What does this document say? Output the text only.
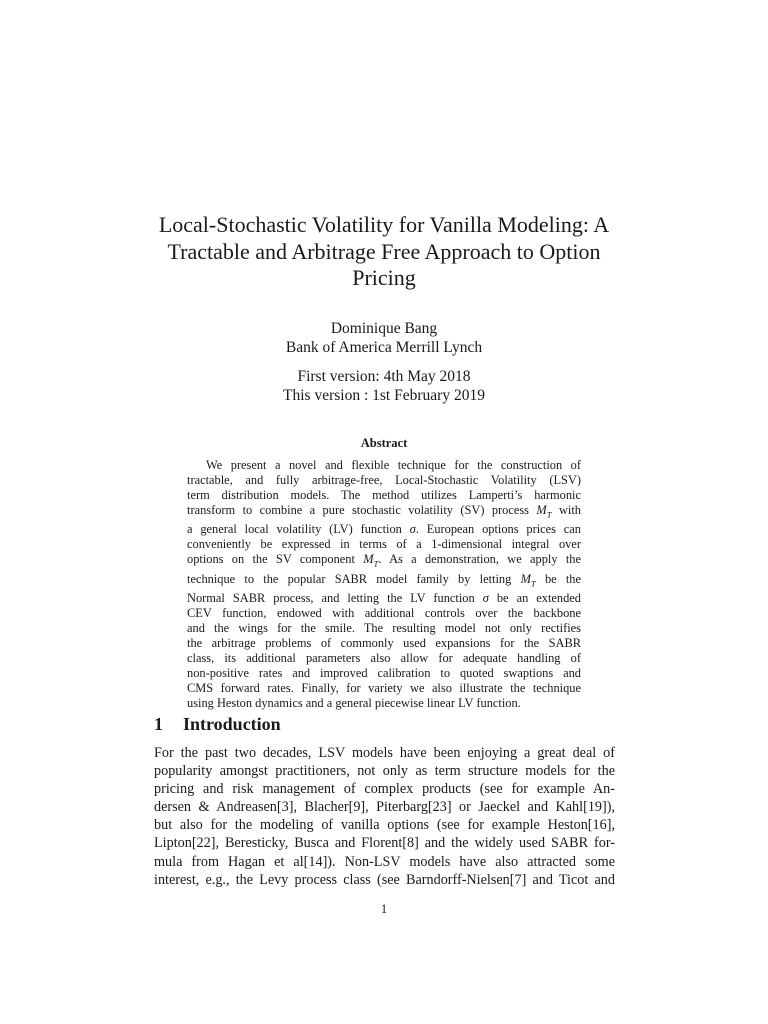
Local-Stochastic Volatility for Vanilla Modeling: A
Tractable and Arbitrage Free Approach to Option
Pricing
Dominique Bang
Bank of America Merrill Lynch
First version: 4th May 2018
This version : 1st February 2019
Abstract
We present a novel and flexible technique for the construction of
tractable, and fully arbitrage-free, Local-Stochastic Volatility (LSV)
term distribution models. The method utilizes Lamperti’s harmonic
transform to combine a pure stochastic volatility (SV) process $M_T$ with
a general local volatility (LV) function σ. European options prices can
conveniently be expressed in terms of a 1-dimensional integral over
options on the SV component $M_T$. As a demonstration, we apply the
technique to the popular SABR model family by letting $M_T$ be the
Normal SABR process, and letting the LV function σ be an extended
CEV function, endowed with additional controls over the backbone
and the wings for the smile. The resulting model not only rectifies
the arbitrage problems of commonly used expansions for the SABR
class, its additional parameters also allow for adequate handling of
non-positive rates and improved calibration to quoted swaptions and
CMS forward rates. Finally, for variety we also illustrate the technique
using Heston dynamics and a general piecewise linear LV function.
1 Introduction
For the past two decades, LSV models have been enjoying a great deal of
popularity amongst practitioners, not only as term structure models for the
pricing and risk management of complex products (see for example An-
dersen & Andreasen[3], Blacher[9], Piterbarg[23] or Jaeckel and Kahl[19]),
but also for the modeling of vanilla options (see for example Heston[16],
Lipton[22], Beresticky, Busca and Florent[8] and the widely used SABR for-
mula from Hagan et al[14]). Non-LSV models have also attracted some
interest, e.g., the Levy process class (see Barndorff-Nielsen[7] and Ticot and
1
